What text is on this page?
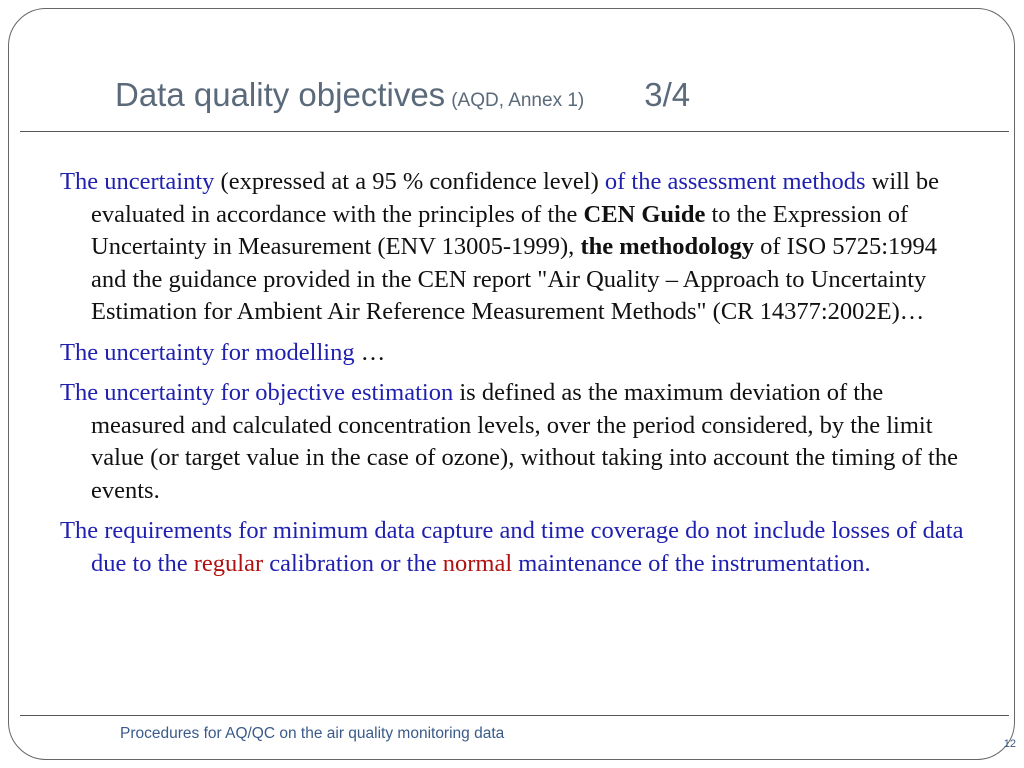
Data quality objectives (AQD, Annex 1) 3/4

The uncertainty (expressed at a 95 % confidence level) of the assessment methods will be evaluated in accordance with the principles of the CEN Guide to the Expression of Uncertainty in Measurement (ENV 13005-1999), the methodology of ISO 5725:1994 and the guidance provided in the CEN report "Air Quality – Approach to Uncertainty Estimation for Ambient Air Reference Measurement Methods" (CR 14377:2002E)…

The uncertainty for modelling …

The uncertainty for objective estimation is defined as the maximum deviation of the measured and calculated concentration levels, over the period considered, by the limit value (or target value in the case of ozone), without taking into account the timing of the events.

The requirements for minimum data capture and time coverage do not include losses of data due to the regular calibration or the normal maintenance of the instrumentation.

Procedures for AQ/QC on the air quality monitoring data
12
